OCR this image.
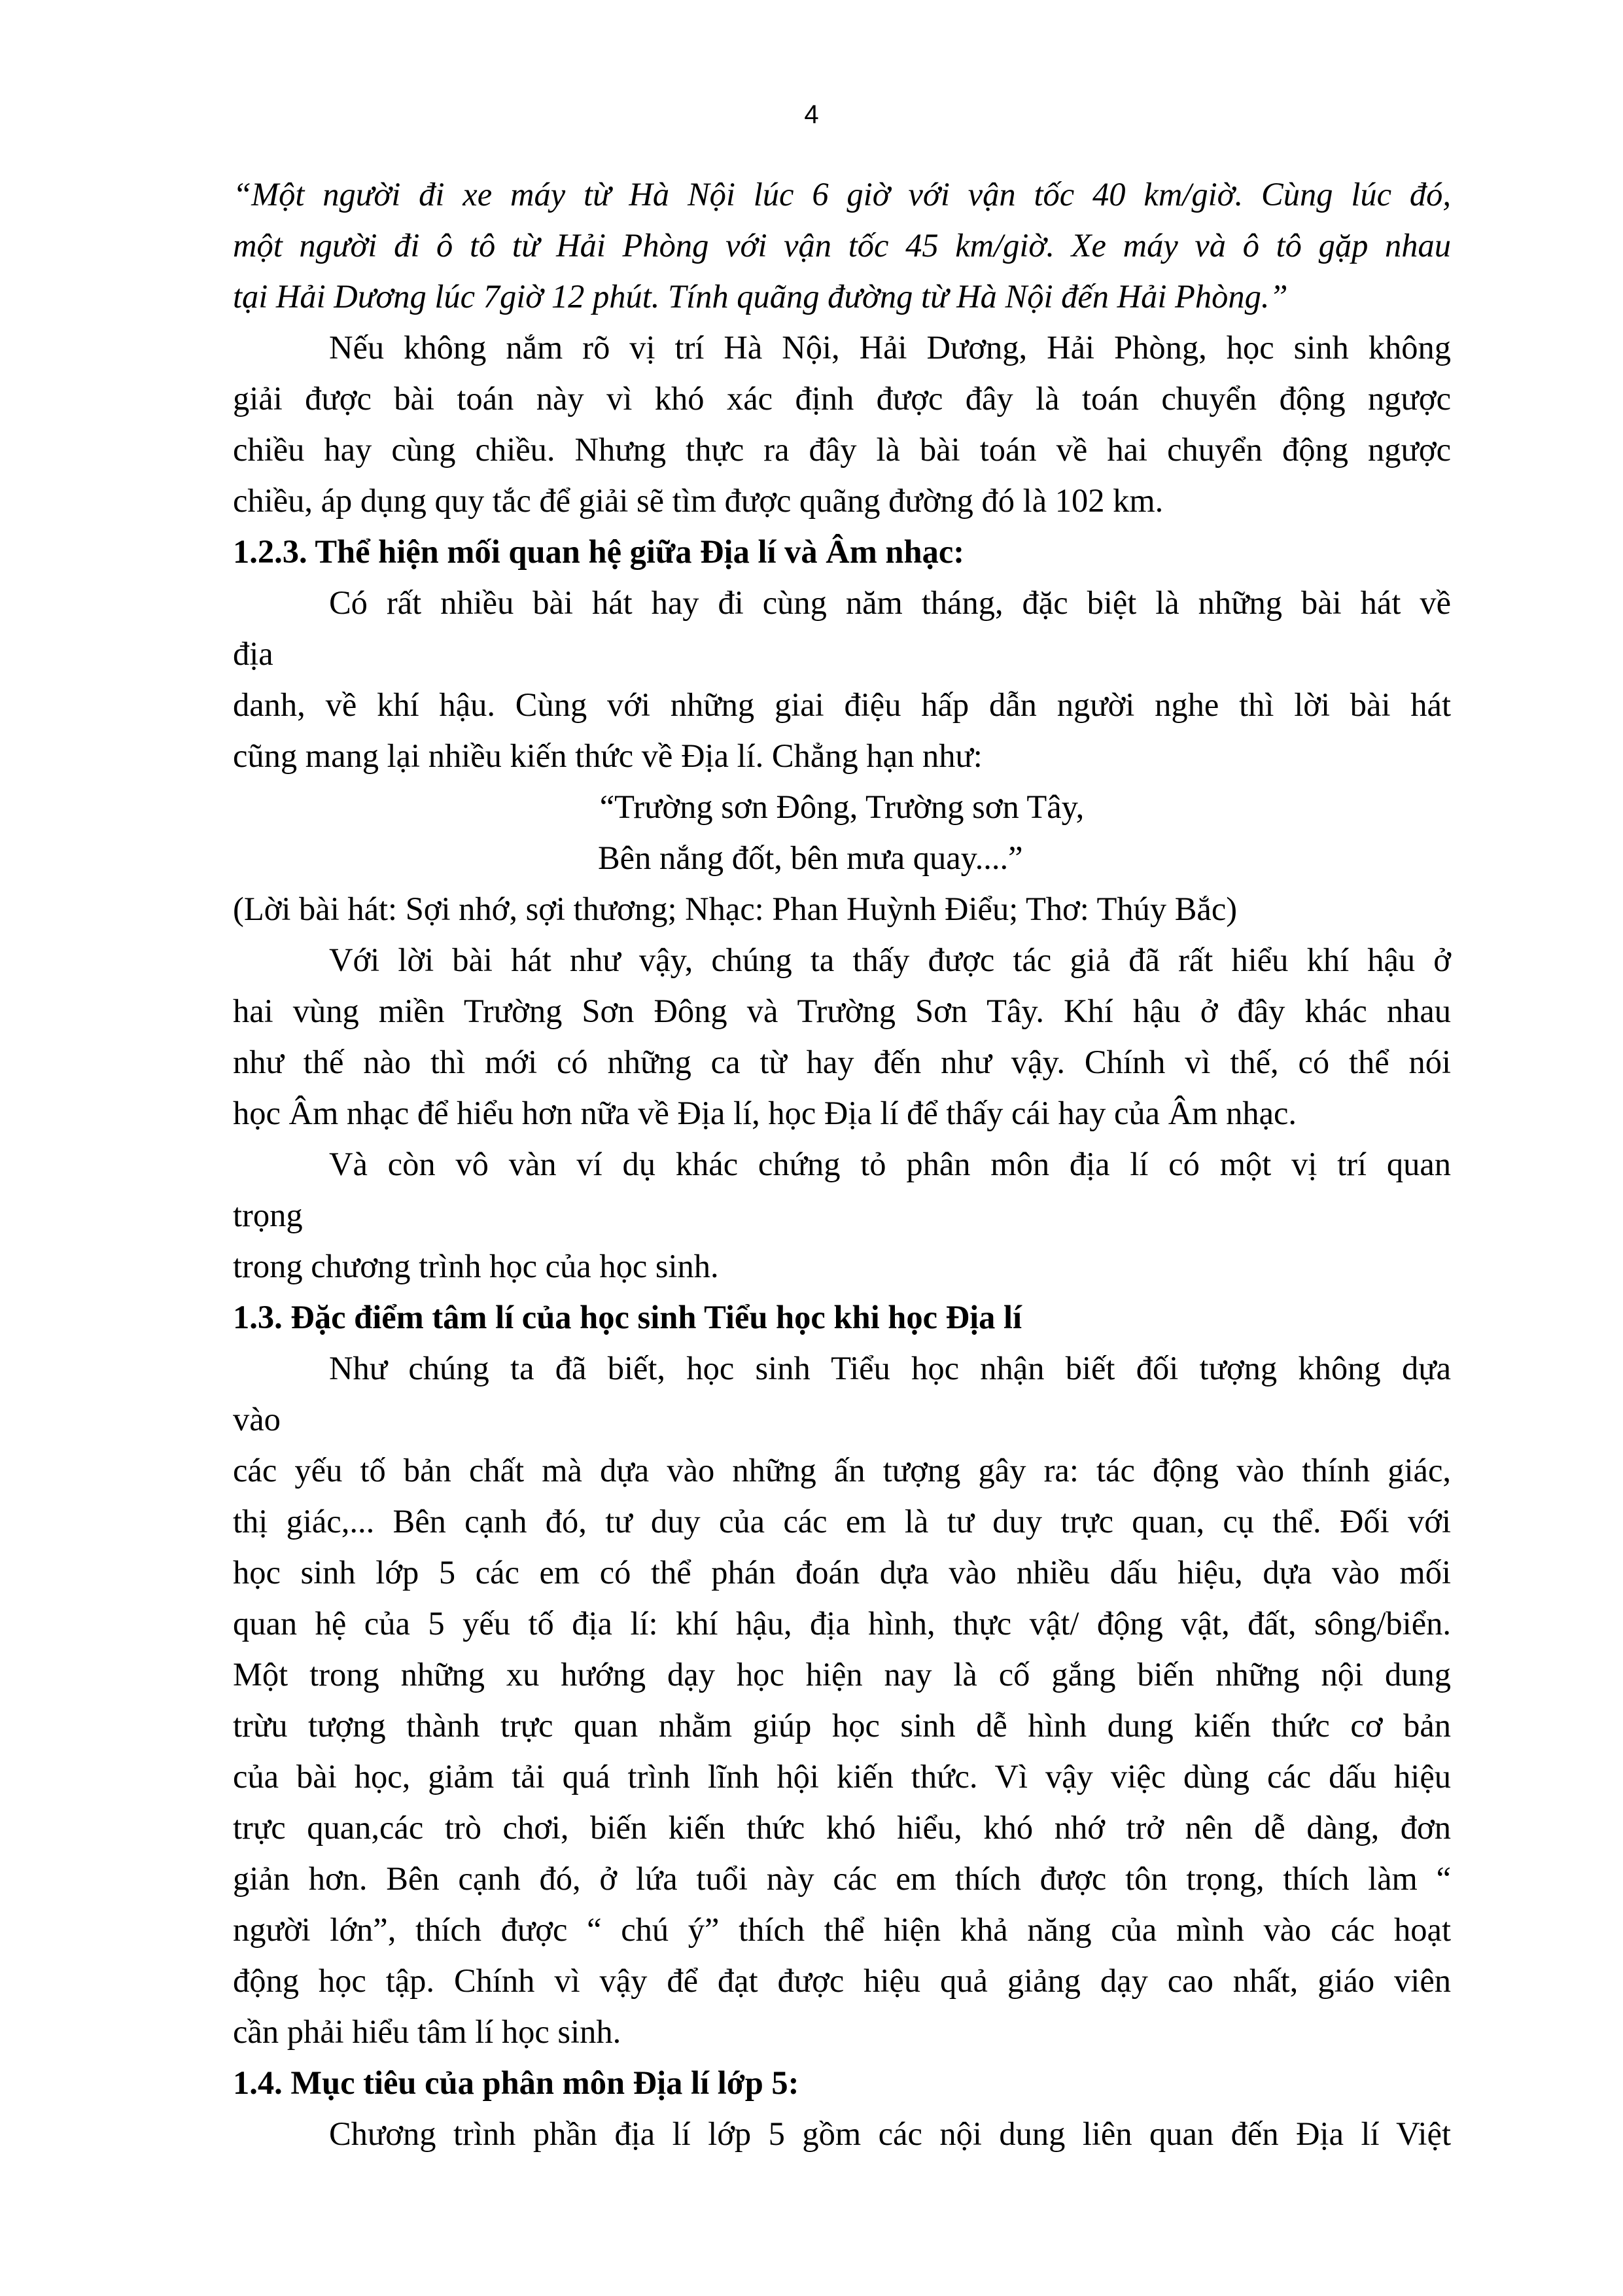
4
“Một người đi xe máy từ Hà Nội lúc 6 giờ với vận tốc 40 km/giờ. Cùng lúc đó,
một người đi ô tô từ Hải Phòng với vận tốc 45 km/giờ. Xe máy và ô tô gặp nhau
tại Hải Dương lúc 7giờ 12 phút. Tính quãng đường từ Hà Nội đến Hải Phòng.”
Nếu không nắm rõ vị trí Hà Nội, Hải Dương, Hải Phòng, học sinh không
giải được bài toán này vì khó xác định được đây là toán chuyển động ngược
chiều hay cùng chiều. Nhưng thực ra đây là bài toán về hai chuyển động ngược
chiều, áp dụng quy tắc để giải sẽ tìm được quãng đường đó là 102 km.
1.2.3. Thể hiện mối quan hệ giữa Địa lí và Âm nhạc:
Có rất nhiều bài hát hay đi cùng năm tháng, đặc biệt là những bài hát về
địa
danh, về khí hậu. Cùng với những giai điệu hấp dẫn người nghe thì lời bài hát
cũng mang lại nhiều kiến thức về Địa lí. Chẳng hạn như:
“Trường sơn Đông, Trường sơn Tây,
Bên nắng đốt, bên mưa quay....”
(Lời bài hát: Sợi nhớ, sợi thương; Nhạc: Phan Huỳnh Điểu; Thơ: Thúy Bắc)
Với lời bài hát như vậy, chúng ta thấy được tác giả đã rất hiểu khí hậu ở
hai vùng miền Trường Sơn Đông và Trường Sơn Tây. Khí hậu ở đây khác nhau
như thế nào thì mới có những ca từ hay đến như vậy. Chính vì thế, có thể nói
học Âm nhạc để hiểu hơn nữa về Địa lí, học Địa lí để thấy cái hay của Âm nhạc.
Và còn vô vàn ví dụ khác chứng tỏ phân môn địa lí có một vị trí quan
trọng
trong chương trình học của học sinh.
1.3. Đặc điểm tâm lí của học sinh Tiểu học khi học Địa lí
Như chúng ta đã biết, học sinh Tiểu học nhận biết đối tượng không dựa
vào
các yếu tố bản chất mà dựa vào những ấn tượng gây ra: tác động vào thính giác,
thị giác,... Bên cạnh đó, tư duy của các em là tư duy trực quan, cụ thể. Đối với
học sinh lớp 5 các em có thể phán đoán dựa vào nhiều dấu hiệu, dựa vào mối
quan hệ của 5 yếu tố địa lí: khí hậu, địa hình, thực vật/ động vật, đất, sông/biển.
Một trong những xu hướng dạy học hiện nay là cố gắng biến những nội dung
trừu tượng thành trực quan nhằm giúp học sinh dễ hình dung kiến thức cơ bản
của bài học, giảm tải quá trình lĩnh hội kiến thức. Vì vậy việc dùng các dấu hiệu
trực quan,các trò chơi, biến kiến thức khó hiểu, khó nhớ trở nên dễ dàng, đơn
giản hơn. Bên cạnh đó, ở lứa tuổi này các em thích được tôn trọng, thích làm “
người lớn”, thích được “ chú ý” thích thể hiện khả năng của mình vào các hoạt
động học tập. Chính vì vậy để đạt được hiệu quả giảng dạy cao nhất, giáo viên
cần phải hiểu tâm lí học sinh.
1.4. Mục tiêu của phân môn Địa lí lớp 5:
Chương trình phần địa lí lớp 5 gồm các nội dung liên quan đến Địa lí Việt
